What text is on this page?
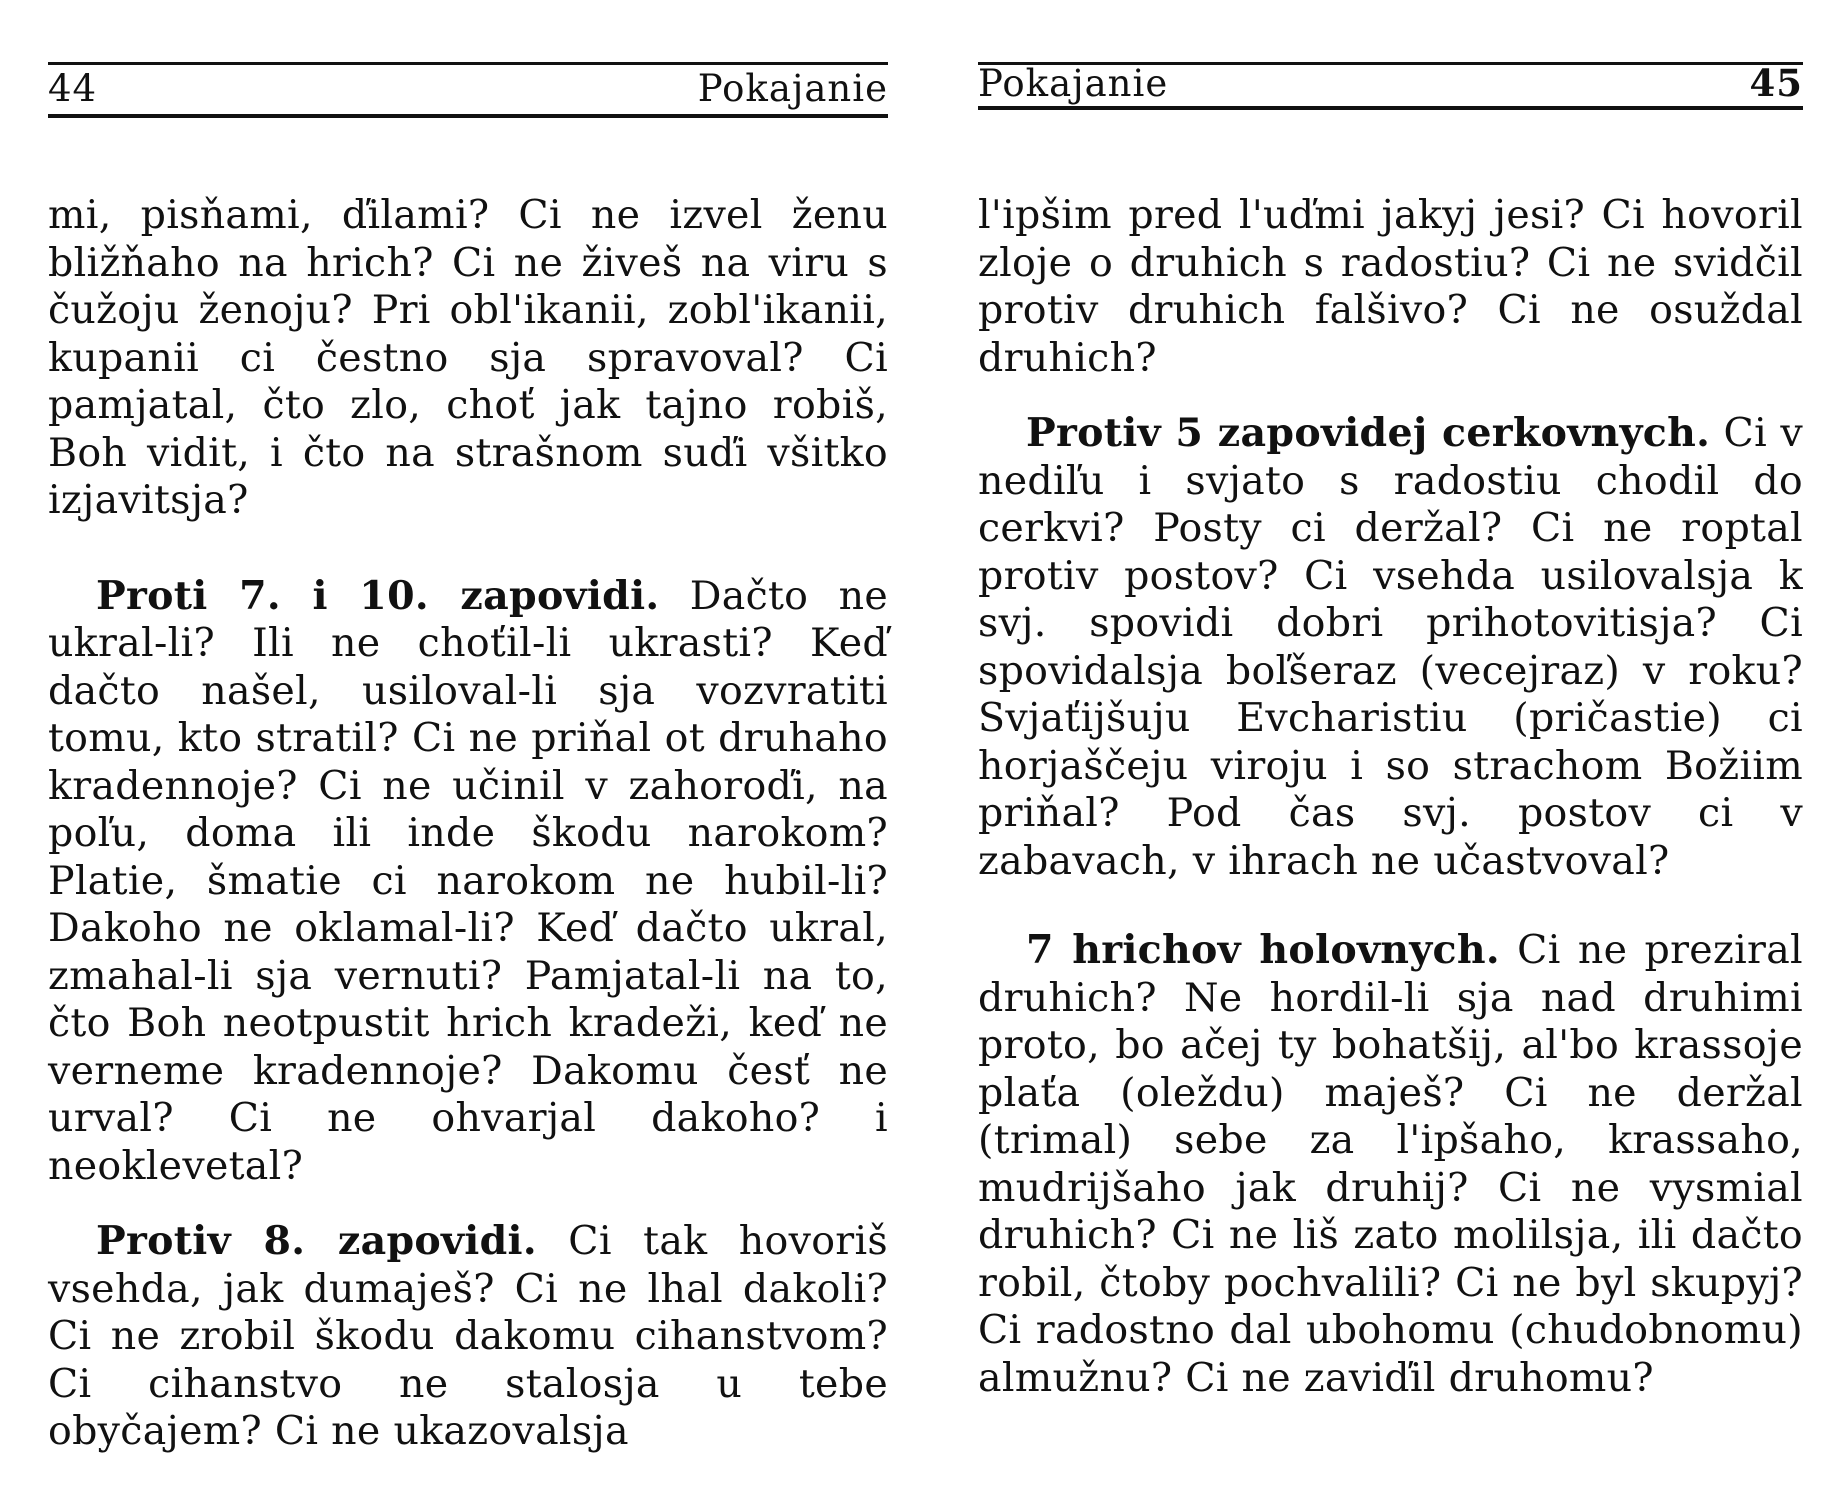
44	Pokajanie

mi, pisňami, ďilami? Ci ne izvel ženu bližňaho na hrich? Ci ne živeš na viru s čužoju ženoju? Pri obl'ikanii, zobl'ikanii, kupanii ci čestno sja spravoval? Ci pamjatal, čto zlo, choť jak tajno robiš, Boh vidit, i čto na strašnom suďi všitko izjavitsja?

Proti 7. i 10. zapovidi. Dačto ne ukral-li? Ili ne choťil-li ukrasti? Keď dačto našel, usiloval-li sja vozvratiti tomu, kto stratil? Ci ne priňal ot druhaho kradennoje? Ci ne učinil v zahoroďi, na poľu, doma ili inde škodu narokom? Platie, šmatie ci narokom ne hubil-li? Dakoho ne oklamal-li? Keď dačto ukral, zmahal-li sja vernuti? Pamjatal-li na to, čto Boh neotpustit hrich kradeži, keď ne verneme kradennoje? Dakomu česť ne urval? Ci ne ohvarjal dakoho? i neoklevetal?

Protiv 8. zapovidi. Ci tak hovoriš vsehda, jak dumaješ? Ci ne lhal dakoli? Ci ne zrobil škodu dakomu cihanstvom? Ci cihanstvo ne stalosja u tebe obyčajem? Ci ne ukazovalsja

Pokajanie	45

l'ipšim pred l'uďmi jakyj jesi? Ci hovoril zloje o druhich s radostiu? Ci ne svidčil protiv druhich falšivo? Ci ne osuždal druhich?

Protiv 5 zapovidej cerkovnych. Ci v nediľu i svjato s radostiu chodil do cerkvi? Posty ci deržal? Ci ne roptal protiv postov? Ci vsehda usilovalsja k svj. spovidi dobri prihotovitisja? Ci spovidalsja boľšeraz (vecejraz) v roku? Svjaťijšuju Evcharistiu (pričastie) ci horjaščeju viroju i so strachom Božiim priňal? Pod čas svj. postov ci v zabavach, v ihrach ne učastvoval?

7 hrichov holovnych. Ci ne preziral druhich? Ne hordil-li sja nad druhimi proto, bo ačej ty bohatšij, al'bo krassoje plaťa (oleždu) maješ? Ci ne deržal (trimal) sebe za l'ipšaho, krassaho, mudrijšaho jak druhij? Ci ne vysmial druhich? Ci ne liš zato molilsja, ili dačto robil, čtoby pochvalili? Ci ne byl skupyj? Ci radostno dal ubohomu (chudobnomu) almužnu? Ci ne zaviďil druhomu?
